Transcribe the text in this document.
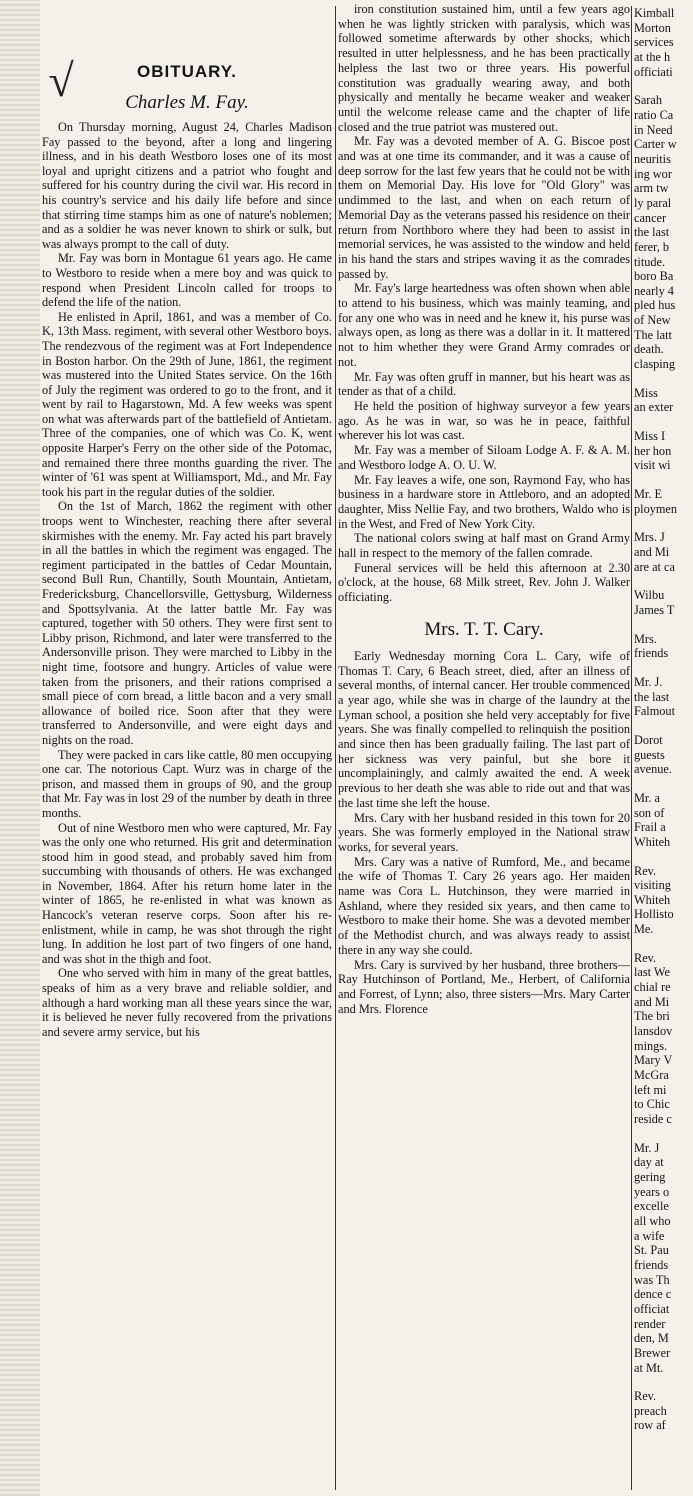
√	OBITUARY.
Charles M. Fay.

On Thursday morning, August 24, Charles Madison Fay passed to the beyond, after a long and lingering illness, and in his death Westboro loses one of its most loyal and upright citizens and a patriot who fought and suffered for his country during the civil war. His record in his country's service and his daily life before and since that stirring time stamps him as one of nature's noblemen; and as a soldier he was never known to shirk or sulk, but was always prompt to the call of duty.

Mr. Fay was born in Montague 61 years ago. He came to Westboro to reside when a mere boy and was quick to respond when President Lincoln called for troops to defend the life of the nation.

He enlisted in April, 1861, and was a member of Co. K, 13th Mass. regiment, with several other Westboro boys. The rendezvous of the regiment was at Fort Independence in Boston harbor. On the 29th of June, 1861, the regiment was mustered into the United States service. On the 16th of July the regiment was ordered to go to the front, and it went by rail to Hagarstown, Md. A few weeks was spent on what was afterwards part of the battlefield of Antietam. Three of the companies, one of which was Co. K, went opposite Harper's Ferry on the other side of the Potomac, and remained there three months guarding the river. The winter of '61 was spent at Williamsport, Md., and Mr. Fay took his part in the regular duties of the soldier.

On the 1st of March, 1862 the regiment with other troops went to Winchester, reaching there after several skirmishes with the enemy. Mr. Fay acted his part bravely in all the battles in which the regiment was engaged. The regiment participated in the battles of Cedar Mountain, second Bull Run, Chantilly, South Mountain, Antietam, Fredericksburg, Chancellorsville, Gettysburg, Wilderness and Spottsylvania. At the latter battle Mr. Fay was captured, together with 50 others. They were first sent to Libby prison, Richmond, and later were transferred to the Andersonville prison. They were marched to Libby in the night time, footsore and hungry. Articles of value were taken from the prisoners, and their rations comprised a small piece of corn bread, a little bacon and a very small allowance of boiled rice. Soon after that they were transferred to Andersonville, and were eight days and nights on the road.

They were packed in cars like cattle, 80 men occupying one car. The notorious Capt. Wurz was in charge of the prison, and massed them in groups of 90, and the group that Mr. Fay was in lost 29 of the number by death in three months.

Out of nine Westboro men who were captured, Mr. Fay was the only one who returned. His grit and determination stood him in good stead, and probably saved him from succumbing with thousands of others. He was exchanged in November, 1864. After his return home later in the winter of 1865, he re-enlisted in what was known as Hancock's veteran reserve corps. Soon after his re-enlistment, while in camp, he was shot through the right lung. In addition he lost part of two fingers of one hand, and was shot in the thigh and foot.

One who served with him in many of the great battles, speaks of him as a very brave and reliable soldier, and although a hard working man all these years since the war, it is believed he never fully recovered from the privations and severe army service, but his

iron constitution sustained him, until a few years ago when he was lightly stricken with paralysis, which was followed sometime afterwards by other shocks, which resulted in utter helplessness, and he has been practically helpless the last two or three years. His powerful constitution was gradually wearing away, and both physically and mentally he became weaker and weaker until the welcome release came and the chapter of life closed and the true patriot was mustered out.

Mr. Fay was a devoted member of A. G. Biscoe post and was at one time its commander, and it was a cause of deep sorrow for the last few years that he could not be with them on Memorial Day. His love for "Old Glory" was undimmed to the last, and when on each return of Memorial Day as the veterans passed his residence on their return from Northboro where they had been to assist in memorial services, he was assisted to the window and held in his hand the stars and stripes waving it as the comrades passed by.

Mr. Fay's large heartedness was often shown when able to attend to his business, which was mainly teaming, and for any one who was in need and he knew it, his purse was always open, as long as there was a dollar in it. It mattered not to him whether they were Grand Army comrades or not.

Mr. Fay was often gruff in manner, but his heart was as tender as that of a child.

He held the position of highway surveyor a few years ago. As he was in war, so was he in peace, faithful wherever his lot was cast.

Mr. Fay was a member of Siloam Lodge A. F. & A. M. and Westboro lodge A. O. U. W.

Mr. Fay leaves a wife, one son, Raymond Fay, who has business in a hardware store in Attleboro, and an adopted daughter, Miss Nellie Fay, and two brothers, Waldo who is in the West, and Fred of New York City.

The national colors swing at half mast on Grand Army hall in respect to the memory of the fallen comrade.

Funeral services will be held this afternoon at 2.30 o'clock, at the house, 68 Milk street, Rev. John J. Walker officiating.

Mrs. T. T. Cary.

Early Wednesday morning Cora L. Cary, wife of Thomas T. Cary, 6 Beach street, died, after an illness of several months, of internal cancer. Her trouble commenced a year ago, while she was in charge of the laundry at the Lyman school, a position she held very acceptably for five years. She was finally compelled to relinquish the position and since then has been gradually failing. The last part of her sickness was very painful, but she bore it uncomplainingly, and calmly awaited the end. A week previous to her death she was able to ride out and that was the last time she left the house.

Mrs. Cary with her husband resided in this town for 20 years. She was formerly employed in the National straw works, for several years.

Mrs. Cary was a native of Rumford, Me., and became the wife of Thomas T. Cary 26 years ago. Her maiden name was Cora L. Hutchinson, they were married in Ashland, where they resided six years, and then came to Westboro to make their home. She was a devoted member of the Methodist church, and was always ready to assist there in any way she could.

Mrs. Cary is survived by her husband, three brothers—Ray Hutchinson of Portland, Me., Herbert, of California and Forrest, of Lynn; also, three sisters—Mrs. Mary Carter and Mrs. Florence

Kimball
Morton
services
at the h
officiati
Sarah
ratio Ca
in Need
Carter w
neuritis
ing wor
arm tw
ly paral
cancer
the last
ferer, b
titude.
boro Ba
nearly 4
pled hus
of New
The latt
death.
clasping
Miss
an exter
Miss I
her hon
visit wi
Mr. E
ploymen
Mrs. J
and Mi
are at ca
Wilbu
James T
Mrs.
friends
Mr. J.
the last
Falmout
Dorot
guests
avenue.
Mr. a
son of
Frail a
Whiteh
Rev.
visiting
Whiteh
Hollisto
Me.
Rev.
last We
chial re
and Mi
The bri
lansdov
mings.
Mary V
McGra
left mi
to Chic
reside c
Mr. J
day at
gering
years o
excelle
all who
a wife
St. Pau
friends
was Th
dence c
officiat
render
den, M
Brewer
at Mt.
Rev.
preach
row af
